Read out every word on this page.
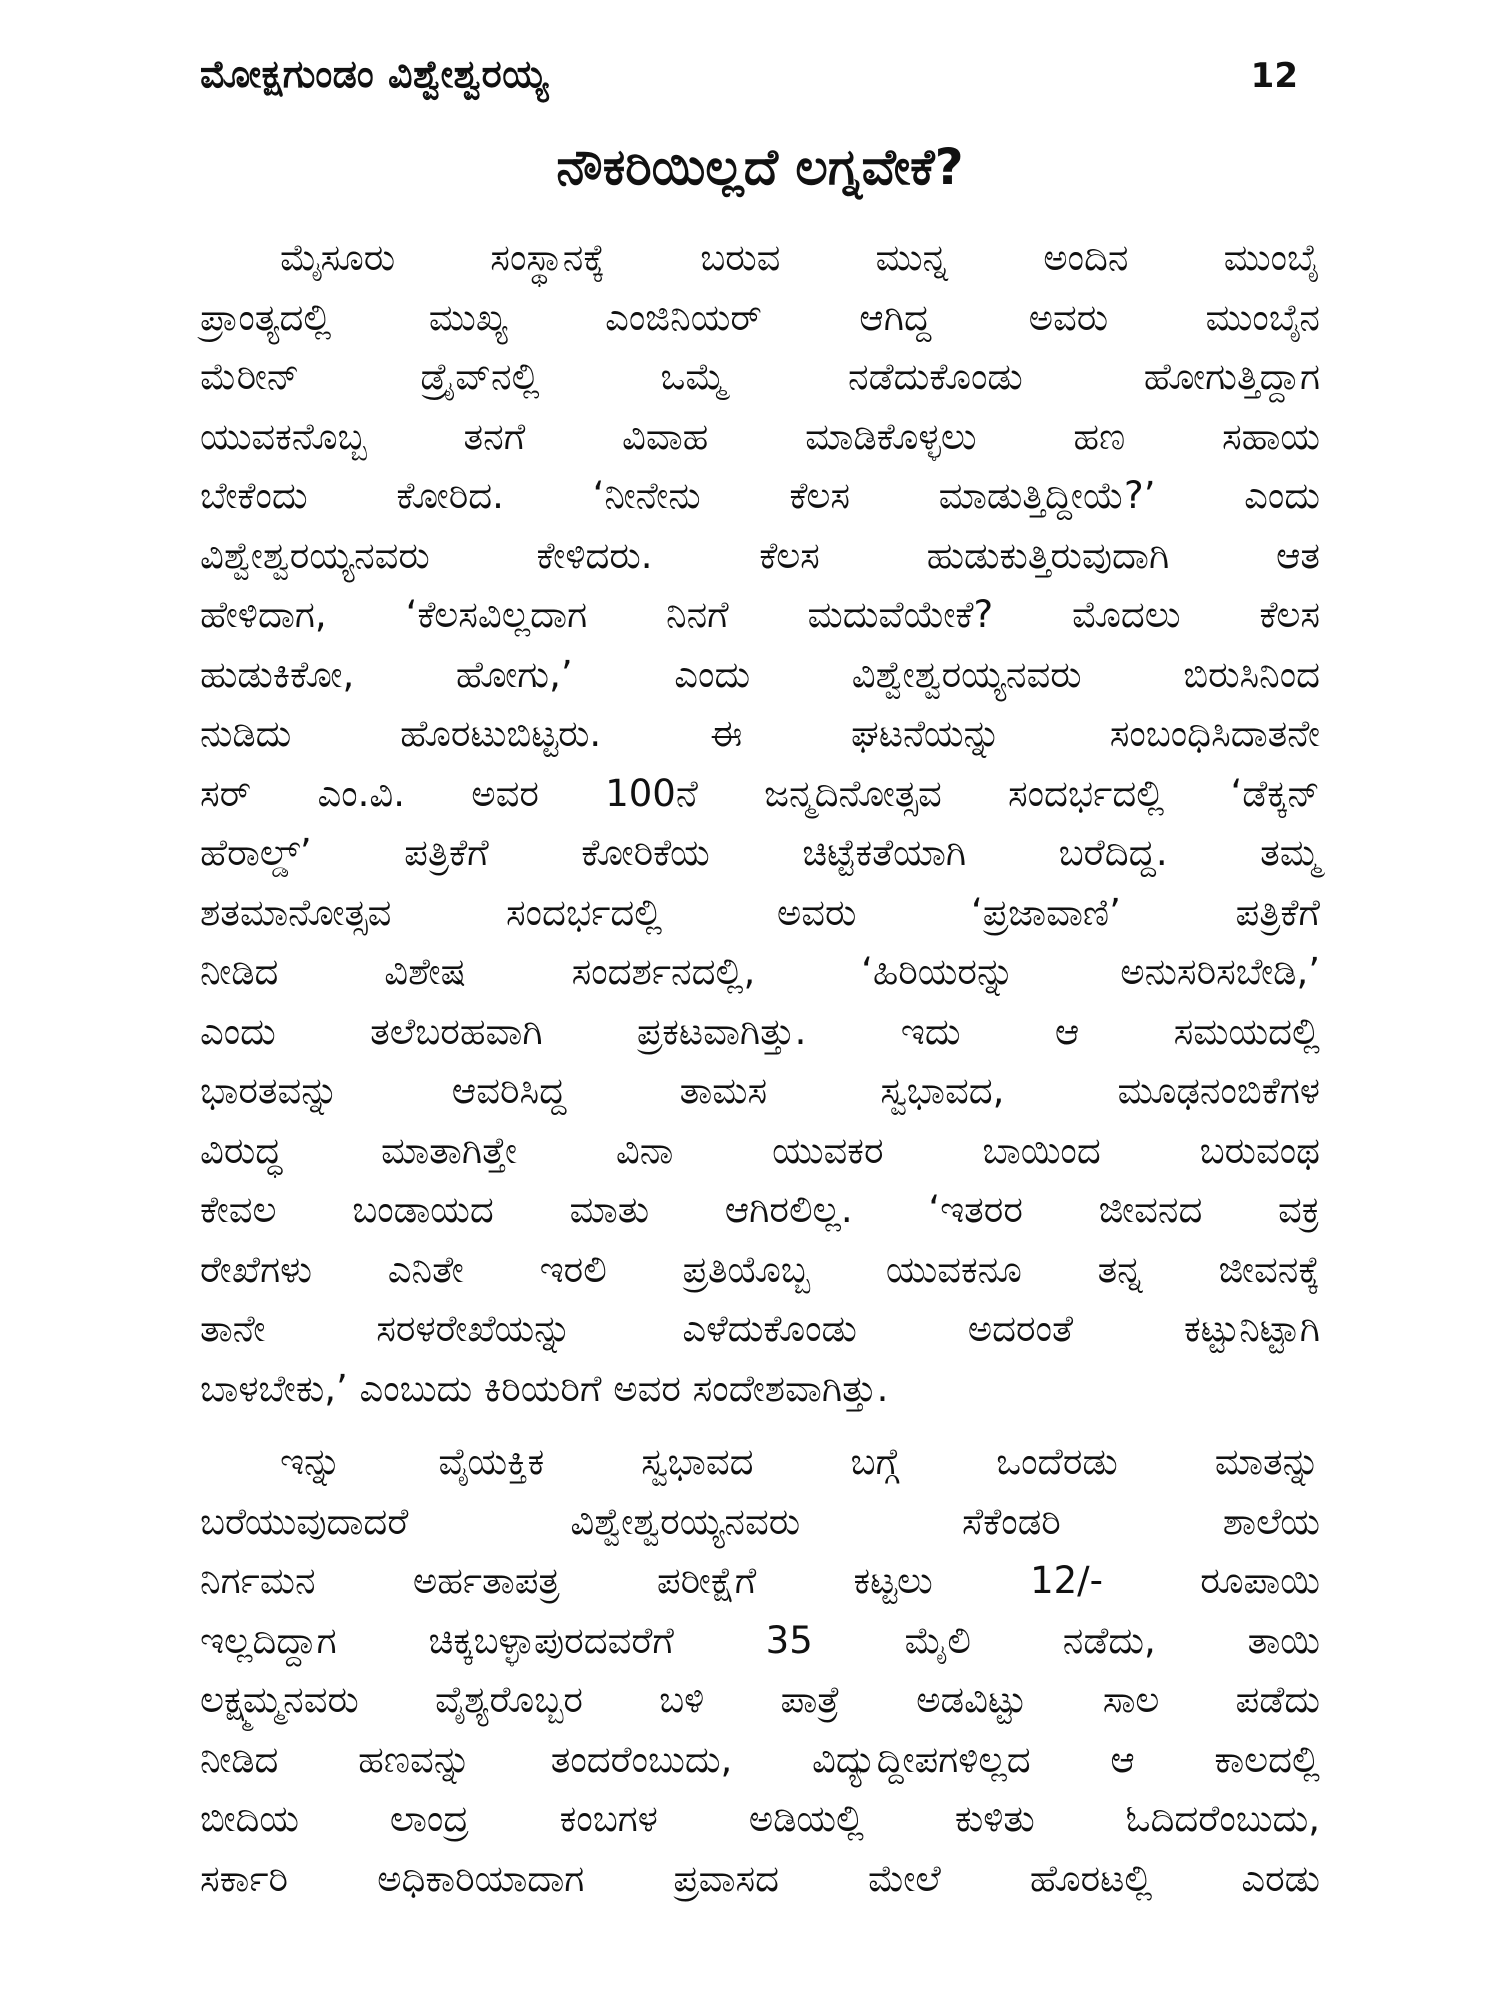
ಮೋಕ್ಷಗುಂಡಂ ವಿಶ್ವೇಶ್ವರಯ್ಯ	12
ನೌಕರಿಯಿಲ್ಲದೆ ಲಗ್ನವೇಕೆ?

ಮೈಸೂರು ಸಂಸ್ಥಾನಕ್ಕೆ ಬರುವ ಮುನ್ನ ಅಂದಿನ ಮುಂಬೈ
ಪ್ರಾಂತ್ಯದಲ್ಲಿ ಮುಖ್ಯ ಎಂಜಿನಿಯರ್ ಆಗಿದ್ದ ಅವರು ಮುಂಬೈನ
ಮೆರೀನ್ ಡ್ರೈವ್‌ನಲ್ಲಿ ಒಮ್ಮೆ ನಡೆದುಕೊಂಡು ಹೋಗುತ್ತಿದ್ದಾಗ
ಯುವಕನೊಬ್ಬ ತನಗೆ ವಿವಾಹ ಮಾಡಿಕೊಳ್ಳಲು ಹಣ ಸಹಾಯ
ಬೇಕೆಂದು ಕೋರಿದ. ‘ನೀನೇನು ಕೆಲಸ ಮಾಡುತ್ತಿದ್ದೀಯೆ?’ ಎಂದು
ವಿಶ್ವೇಶ್ವರಯ್ಯನವರು ಕೇಳಿದರು. ಕೆಲಸ ಹುಡುಕುತ್ತಿರುವುದಾಗಿ ಆತ
ಹೇಳಿದಾಗ, ‘ಕೆಲಸವಿಲ್ಲದಾಗ ನಿನಗೆ ಮದುವೆಯೇಕೆ? ಮೊದಲು ಕೆಲಸ
ಹುಡುಕಿಕೋ, ಹೋಗು,’ ಎಂದು ವಿಶ್ವೇಶ್ವರಯ್ಯನವರು ಬಿರುಸಿನಿಂದ
ನುಡಿದು ಹೊರಟುಬಿಟ್ಟರು. ಈ ಘಟನೆಯನ್ನು ಸಂಬಂಧಿಸಿದಾತನೇ
ಸರ್ ಎಂ.ವಿ. ಅವರ 100ನೆ ಜನ್ಮದಿನೋತ್ಸವ ಸಂದರ್ಭದಲ್ಲಿ ‘ಡೆಕ್ಕನ್
ಹೆರಾಲ್ಡ್’ ಪತ್ರಿಕೆಗೆ ಕೋರಿಕೆಯ ಚಿಟ್ಟೆಕತೆಯಾಗಿ ಬರೆದಿದ್ದ. ತಮ್ಮ
ಶತಮಾನೋತ್ಸವ ಸಂದರ್ಭದಲ್ಲಿ ಅವರು ‘ಪ್ರಜಾವಾಣಿ’ ಪತ್ರಿಕೆಗೆ
ನೀಡಿದ ವಿಶೇಷ ಸಂದರ್ಶನದಲ್ಲಿ, ‘ಹಿರಿಯರನ್ನು ಅನುಸರಿಸಬೇಡಿ,’
ಎಂದು ತಲೆಬರಹವಾಗಿ ಪ್ರಕಟವಾಗಿತ್ತು. ಇದು ಆ ಸಮಯದಲ್ಲಿ
ಭಾರತವನ್ನು ಆವರಿಸಿದ್ದ ತಾಮಸ ಸ್ವಭಾವದ, ಮೂಢನಂಬಿಕೆಗಳ
ವಿರುದ್ಧ ಮಾತಾಗಿತ್ತೇ ವಿನಾ ಯುವಕರ ಬಾಯಿಂದ ಬರುವಂಥ
ಕೇವಲ ಬಂಡಾಯದ ಮಾತು ಆಗಿರಲಿಲ್ಲ. ‘ಇತರರ ಜೀವನದ ವಕ್ರ
ರೇಖೆಗಳು ಎನಿತೇ ಇರಲಿ ಪ್ರತಿಯೊಬ್ಬ ಯುವಕನೂ ತನ್ನ ಜೀವನಕ್ಕೆ
ತಾನೇ ಸರಳರೇಖೆಯನ್ನು ಎಳೆದುಕೊಂಡು ಅದರಂತೆ ಕಟ್ಟುನಿಟ್ಟಾಗಿ
ಬಾಳಬೇಕು,’ ಎಂಬುದು ಕಿರಿಯರಿಗೆ ಅವರ ಸಂದೇಶವಾಗಿತ್ತು.

ಇನ್ನು ವೈಯಕ್ತಿಕ ಸ್ವಭಾವದ ಬಗ್ಗೆ ಒಂದೆರಡು ಮಾತನ್ನು
ಬರೆಯುವುದಾದರೆ ವಿಶ್ವೇಶ್ವರಯ್ಯನವರು ಸೆಕೆಂಡರಿ ಶಾಲೆಯ
ನಿರ್ಗಮನ ಅರ್ಹತಾಪತ್ರ ಪರೀಕ್ಷೆಗೆ ಕಟ್ಟಲು 12/- ರೂಪಾಯಿ
ಇಲ್ಲದಿದ್ದಾಗ ಚಿಕ್ಕಬಳ್ಳಾಪುರದವರೆಗೆ 35 ಮೈಲಿ ನಡೆದು, ತಾಯಿ
ಲಕ್ಷ್ಮಮ್ಮನವರು ವೈಶ್ಯರೊಬ್ಬರ ಬಳಿ ಪಾತ್ರೆ ಅಡವಿಟ್ಟು ಸಾಲ ಪಡೆದು
ನೀಡಿದ ಹಣವನ್ನು ತಂದರೆಂಬುದು, ವಿದ್ಯುದ್ದೀಪಗಳಿಲ್ಲದ ಆ ಕಾಲದಲ್ಲಿ
ಬೀದಿಯ ಲಾಂದ್ರ ಕಂಬಗಳ ಅಡಿಯಲ್ಲಿ ಕುಳಿತು ಓದಿದರೆಂಬುದು,
ಸರ್ಕಾರಿ ಅಧಿಕಾರಿಯಾದಾಗ ಪ್ರವಾಸದ ಮೇಲೆ ಹೊರಟಲ್ಲಿ ಎರಡು
